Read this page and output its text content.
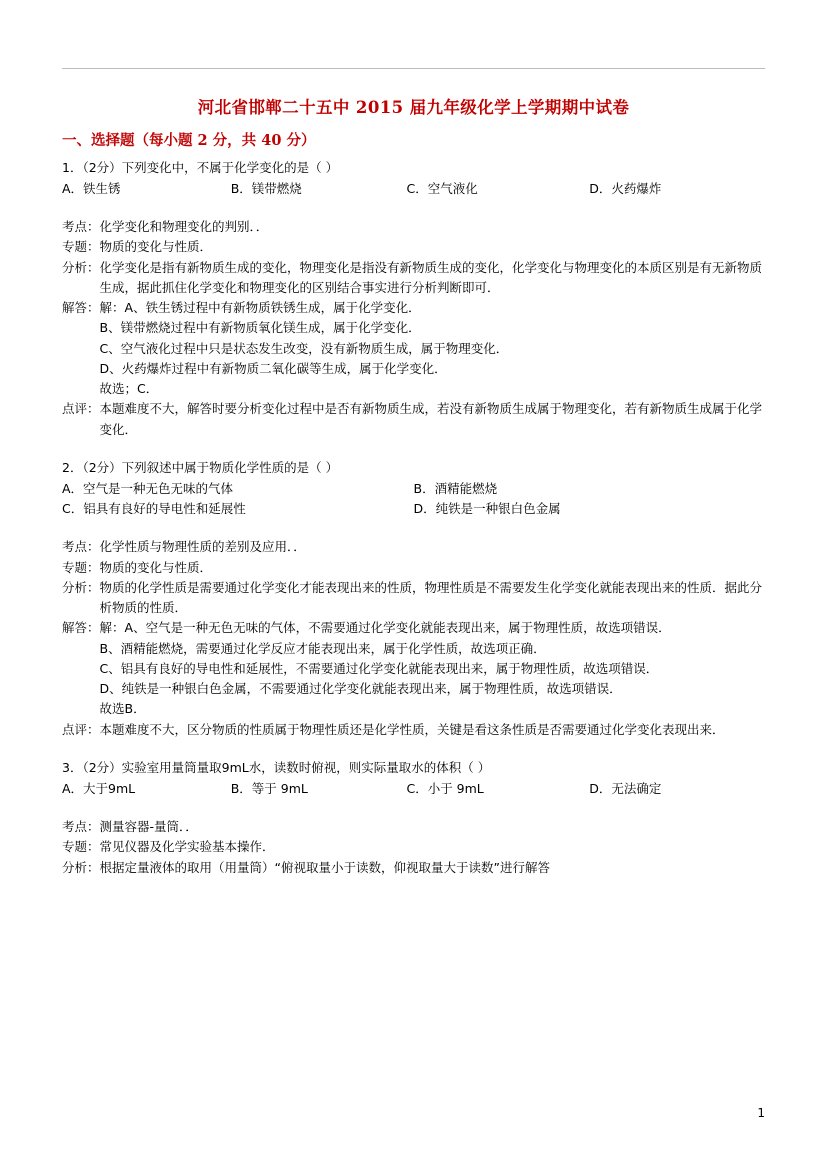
河北省邯郸二十五中 2015 届九年级化学上学期期中试卷
一、选择题（每小题 2 分，共 40 分）
1．（2分）下列变化中，不属于化学变化的是（ ）
A．铁生锈	B．镁带燃烧	C．空气液化	D．火药爆炸
考点： 化学变化和物理变化的判别．．
专题： 物质的变化与性质．
分析： 化学变化是指有新物质生成的变化，物理变化是指没有新物质生成的变化，化学变化与物理变化的本质区别是有无新物质生成，据此抓住化学变化和物理变化的区别结合事实进行分析判断即可．
解答： 解：A、铁生锈过程中有新物质铁锈生成，属于化学变化．
B、镁带燃烧过程中有新物质氧化镁生成，属于化学变化．
C、空气液化过程中只是状态发生改变，没有新物质生成，属于物理变化．
D、火药爆炸过程中有新物质二氧化碳等生成，属于化学变化．
故选；C．
点评： 本题难度不大，解答时要分析变化过程中是否有新物质生成，若没有新物质生成属于物理变化，若有新物质生成属于化学变化．
2．（2分）下列叙述中属于物质化学性质的是（ ）
A．空气是一种无色无味的气体	B．酒精能燃烧
C．铝具有良好的导电性和延展性	D．纯铁是一种银白色金属
考点： 化学性质与物理性质的差别及应用．．
专题： 物质的变化与性质．
分析： 物质的化学性质是需要通过化学变化才能表现出来的性质，物理性质是不需要发生化学变化就能表现出来的性质．据此分析物质的性质．
解答： 解：A、空气是一种无色无味的气体，不需要通过化学变化就能表现出来，属于物理性质，故选项错误．
B、酒精能燃烧，需要通过化学反应才能表现出来，属于化学性质，故选项正确．
C、铝具有良好的导电性和延展性，不需要通过化学变化就能表现出来，属于物理性质，故选项错误．
D、纯铁是一种银白色金属，不需要通过化学变化就能表现出来，属于物理性质，故选项错误．
故选B．
点评： 本题难度不大，区分物质的性质属于物理性质还是化学性质，关键是看这条性质是否需要通过化学变化表现出来．
3．（2分）实验室用量筒量取9mL水，读数时俯视，则实际量取水的体积（ ）
A．大于9mL	B．等于 9mL	C．小于 9mL	D．无法确定
考点： 测量容器-量筒．．
专题： 常见仪器及化学实验基本操作．
分析： 根据定量液体的取用（用量筒）“俯视取量小于读数，仰视取量大于读数”进行解答
1
